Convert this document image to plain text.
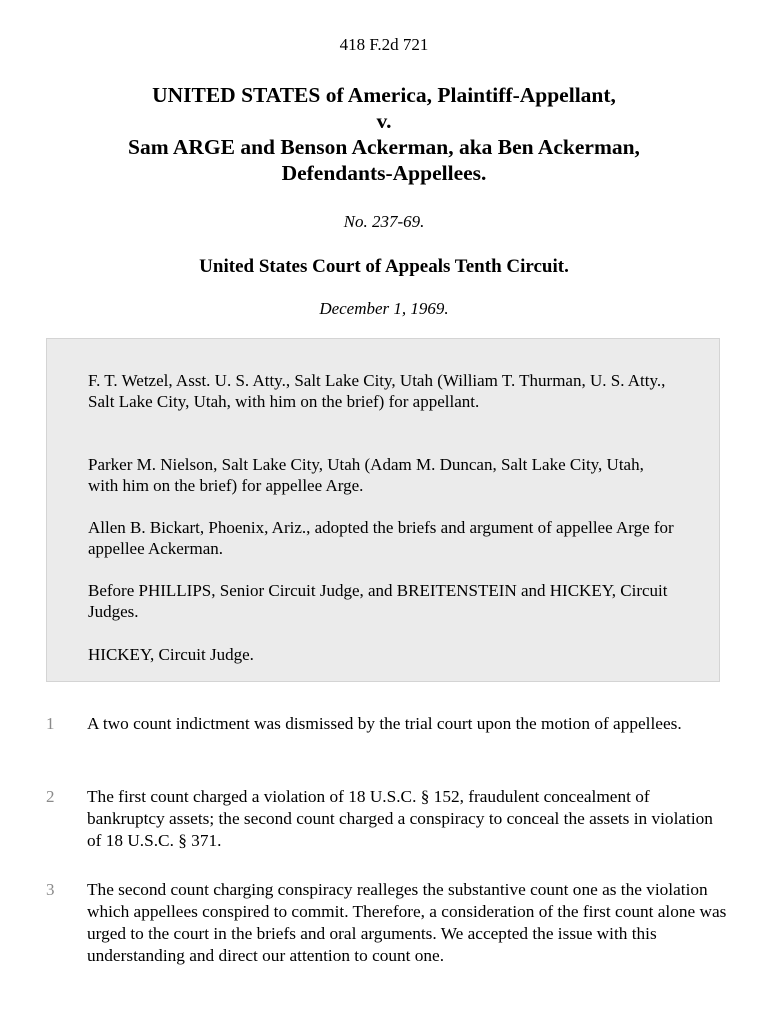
418 F.2d 721
UNITED STATES of America, Plaintiff-Appellant,
v.
Sam ARGE and Benson Ackerman, aka Ben Ackerman,
Defendants-Appellees.
No. 237-69.
United States Court of Appeals Tenth Circuit.
December 1, 1969.

F. T. Wetzel, Asst. U. S. Atty., Salt Lake City, Utah (William T. Thurman, U. S. Atty., Salt Lake City, Utah, with him on the brief) for appellant.

Parker M. Nielson, Salt Lake City, Utah (Adam M. Duncan, Salt Lake City, Utah, with him on the brief) for appellee Arge.

Allen B. Bickart, Phoenix, Ariz., adopted the briefs and argument of appellee Arge for appellee Ackerman.

Before PHILLIPS, Senior Circuit Judge, and BREITENSTEIN and HICKEY, Circuit Judges.

HICKEY, Circuit Judge.

1 A two count indictment was dismissed by the trial court upon the motion of appellees.

2 The first count charged a violation of 18 U.S.C. § 152, fraudulent concealment of bankruptcy assets; the second count charged a conspiracy to conceal the assets in violation of 18 U.S.C. § 371.

3 The second count charging conspiracy realleges the substantive count one as the violation which appellees conspired to commit. Therefore, a consideration of the first count alone was urged to the court in the briefs and oral arguments. We accepted the issue with this understanding and direct our attention to count one.
